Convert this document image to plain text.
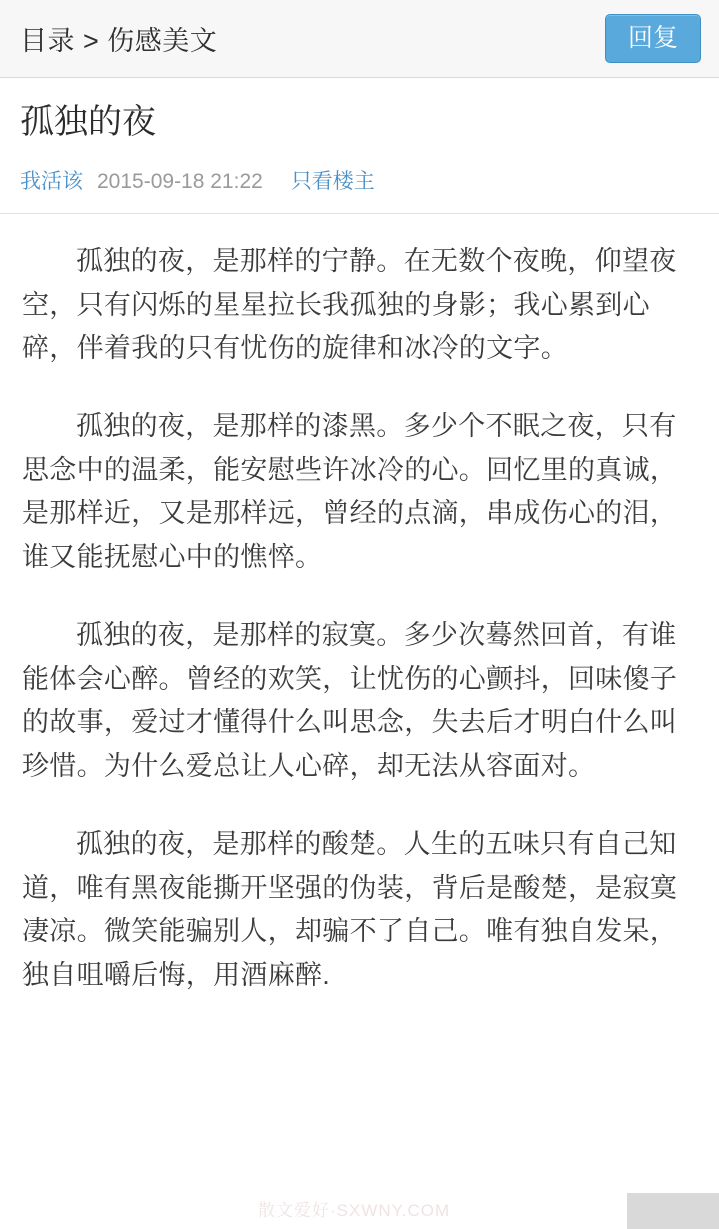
目录 > 伤感美文	回复
孤独的夜
我活该 2015-09-18 21:22 只看楼主

孤独的夜，是那样的宁静。在无数个夜晚，仰望夜空，只有闪烁的星星拉长我孤独的身影；我心累到心碎，伴着我的只有忧伤的旋律和冰冷的文字。

孤独的夜，是那样的漆黑。多少个不眠之夜，只有思念中的温柔，能安慰些许冰冷的心。回忆里的真诚，是那样近，又是那样远，曾经的点滴，串成伤心的泪，谁又能抚慰心中的憔悴。

孤独的夜，是那样的寂寞。多少次蓦然回首，有谁能体会心醉。曾经的欢笑，让忧伤的心颤抖，回味傻子的故事，爱过才懂得什么叫思念，失去后才明白什么叫珍惜。为什么爱总让人心碎，却无法从容面对。

孤独的夜，是那样的酸楚。人生的五味只有自己知道，唯有黑夜能撕开坚强的伪装，背后是酸楚，是寂寞凄凉。微笑能骗别人，却骗不了自己。唯有独自发呆，独自咀嚼后悔，用酒麻醉.

散文爱好·SXWNY.COM
